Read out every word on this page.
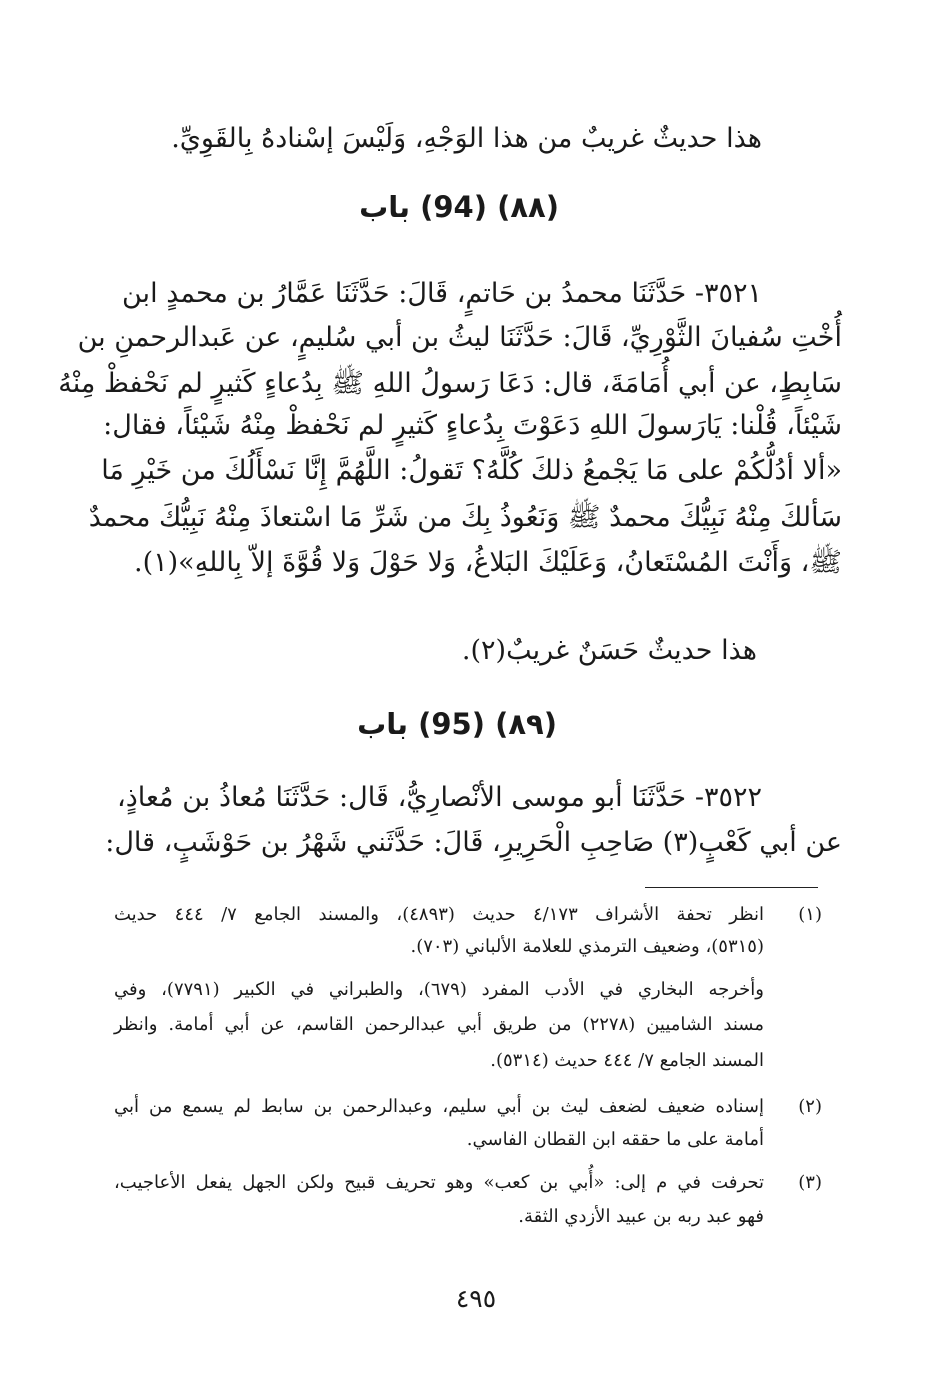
هذا حديثٌ غريبٌ من هذا الوَجْهِ، وَلَيْسَ إسْنادهُ بِالقَوِيِّ.
(٨٨) (94) باب
٣٥٢١- حَدَّثَنَا محمدُ بن حَاتمٍ، قَالَ: حَدَّثَنَا عَمَّارُ بن محمدٍ ابن
أُخْتِ سُفيانَ الثَّوْرِيِّ، قَالَ: حَدَّثَنَا ليثُ بن أبي سُليمٍ، عن عَبدالرحمنِ بن
سَابِطٍ، عن أبي أُمَامَةَ، قال: دَعَا رَسولُ اللهِ ﷺ بِدُعاءٍ كَثيرٍ لم نَحْفظْ مِنْهُ
شَيْئاً، قُلْنا: يَارَسولَ اللهِ دَعَوْتَ بِدُعاءٍ كَثيرٍ لم نَحْفظْ مِنْهُ شَيْئاً، فقال:
«ألا أدُلُّكُمْ على مَا يَجْمعُ ذلكَ كُلَّهُ؟ تَقولُ: اللَّهُمَّ إِنَّا نَسْأَلُكَ من خَيْرِ مَا
سَألكَ مِنْهُ نَبِيُّكَ محمدٌ ﷺ وَنَعُوذُ بِكَ من شَرِّ مَا اسْتعاذَ مِنْهُ نَبِيُّكَ محمدٌ
ﷺ، وَأَنْتَ المُسْتَعانُ، وَعَلَيْكَ البَلاغُ، وَلا حَوْلَ وَلا قُوَّةَ إلاّ بِاللهِ»(١).
هذا حديثٌ حَسَنٌ غريبٌ(٢).
(٨٩) (95) باب
٣٥٢٢- حَدَّثَنَا أبو موسى الأنْصارِيُّ، قَال: حَدَّثَنَا مُعاذُ بن مُعاذٍ،
عن أبي كَعْبٍ(٣) صَاحِبِ الْحَرِيرِ، قَالَ: حَدَّثَني شَهْرُ بن حَوْشَبٍ، قال:
(١)
انظر تحفة الأشراف ٤/١٧٣ حديث (٤٨٩٣)، والمسند الجامع ٧/ ٤٤٤ حديث
(٥٣١٥)، وضعيف الترمذي للعلامة الألباني (٧٠٣).
وأخرجه البخاري في الأدب المفرد (٦٧٩)، والطبراني في الكبير (٧٧٩١)، وفي
مسند الشاميين (٢٢٧٨) من طريق أبي عبدالرحمن القاسم، عن أبي أمامة. وانظر
المسند الجامع ٧/ ٤٤٤ حديث (٥٣١٤).
(٢)
إسناده ضعيف لضعف ليث بن أبي سليم، وعبدالرحمن بن سابط لم يسمع من أبي
أمامة على ما حققه ابن القطان الفاسي.
(٣)
تحرفت في م إلى: «أُبي بن كعب» وهو تحريف قبيح ولكن الجهل يفعل الأعاجيب،
فهو عبد ربه بن عبيد الأزدي الثقة.
٤٩٥
